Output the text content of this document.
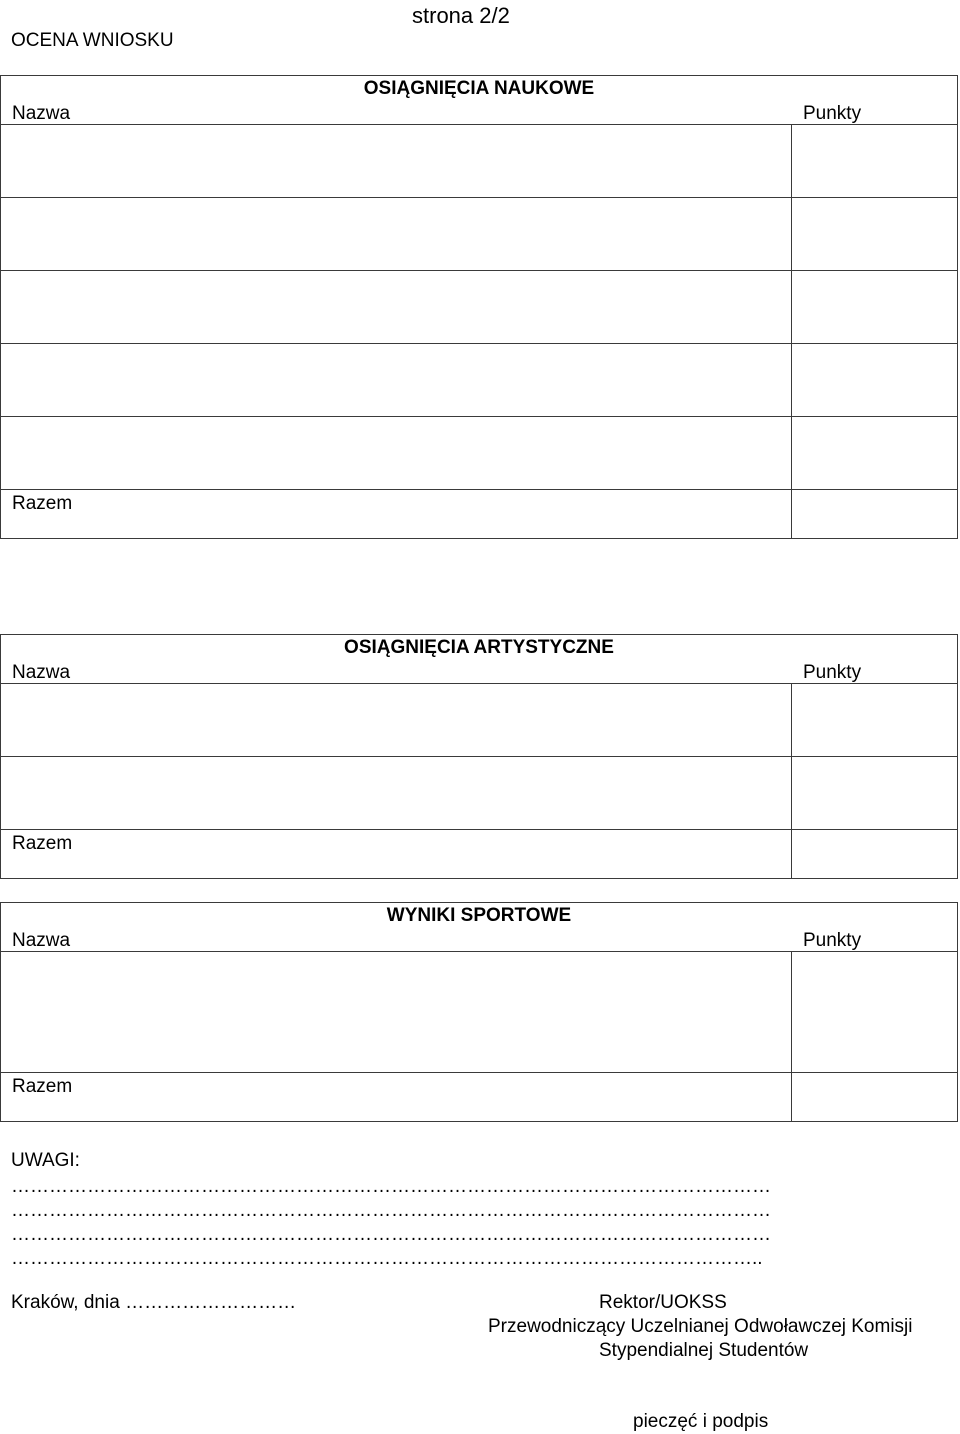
OCENA WNIOSKU
strona 2/2
OSIĄGNIĘCIA NAUKOWE
Nazwa Punkty	

Razem	

OSIĄGNIĘCIA ARTYSTYCZNE
Nazwa Punkty	

Razem	

WYNIKI SPORTOWE
Nazwa Punkty	

Razem	

UWAGI:
…………………………………………………………………………………………………………
…………………………………………………………………………………………………………
…………………………………………………………………………………………………………
………………………………………………………………………………………………………..
Kraków, dnia ………………………	Rektor/UOKSS
Przewodniczący Uczelnianej Odwoławczej Komisji
Stypendialnej Studentów
pieczęć i podpis
